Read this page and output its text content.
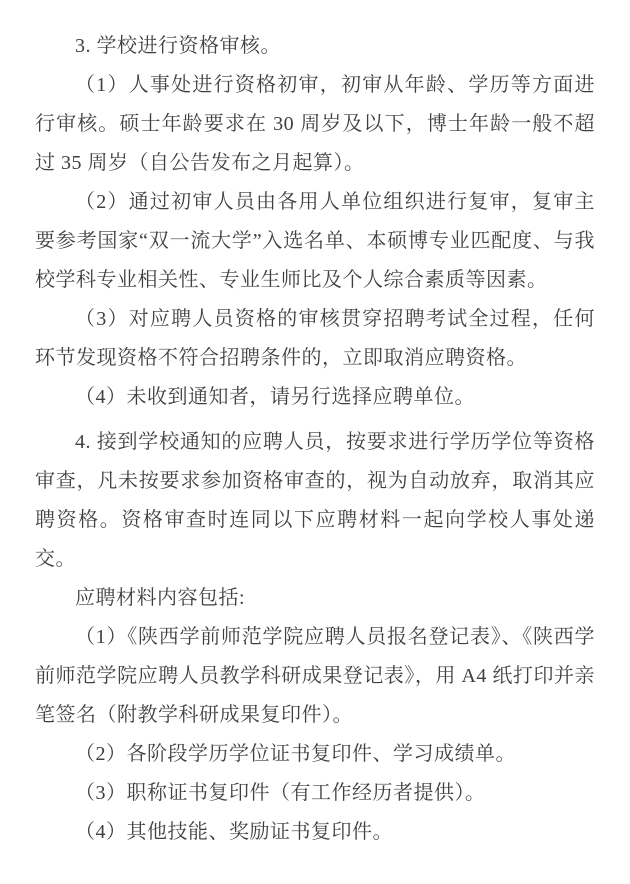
3. 学校进行资格审核。

（1）人事处进行资格初审，初审从年龄、学历等方面进行审核。硕士年龄要求在 30 周岁及以下，博士年龄一般不超过 35 周岁（自公告发布之月起算）。

（2）通过初审人员由各用人单位组织进行复审，复审主要参考国家“双一流大学”入选名单、本硕博专业匹配度、与我校学科专业相关性、专业生师比及个人综合素质等因素。

（3）对应聘人员资格的审核贯穿招聘考试全过程，任何环节发现资格不符合招聘条件的，立即取消应聘资格。

（4）未收到通知者，请另行选择应聘单位。

4. 接到学校通知的应聘人员，按要求进行学历学位等资格审查，凡未按要求参加资格审查的，视为自动放弃，取消其应聘资格。资格审查时连同以下应聘材料一起向学校人事处递交。

应聘材料内容包括:

（1）《陕西学前师范学院应聘人员报名登记表》、《陕西学前师范学院应聘人员教学科研成果登记表》，用 A4 纸打印并亲笔签名（附教学科研成果复印件）。

（2）各阶段学历学位证书复印件、学习成绩单。

（3）职称证书复印件（有工作经历者提供）。

（4）其他技能、奖励证书复印件。
